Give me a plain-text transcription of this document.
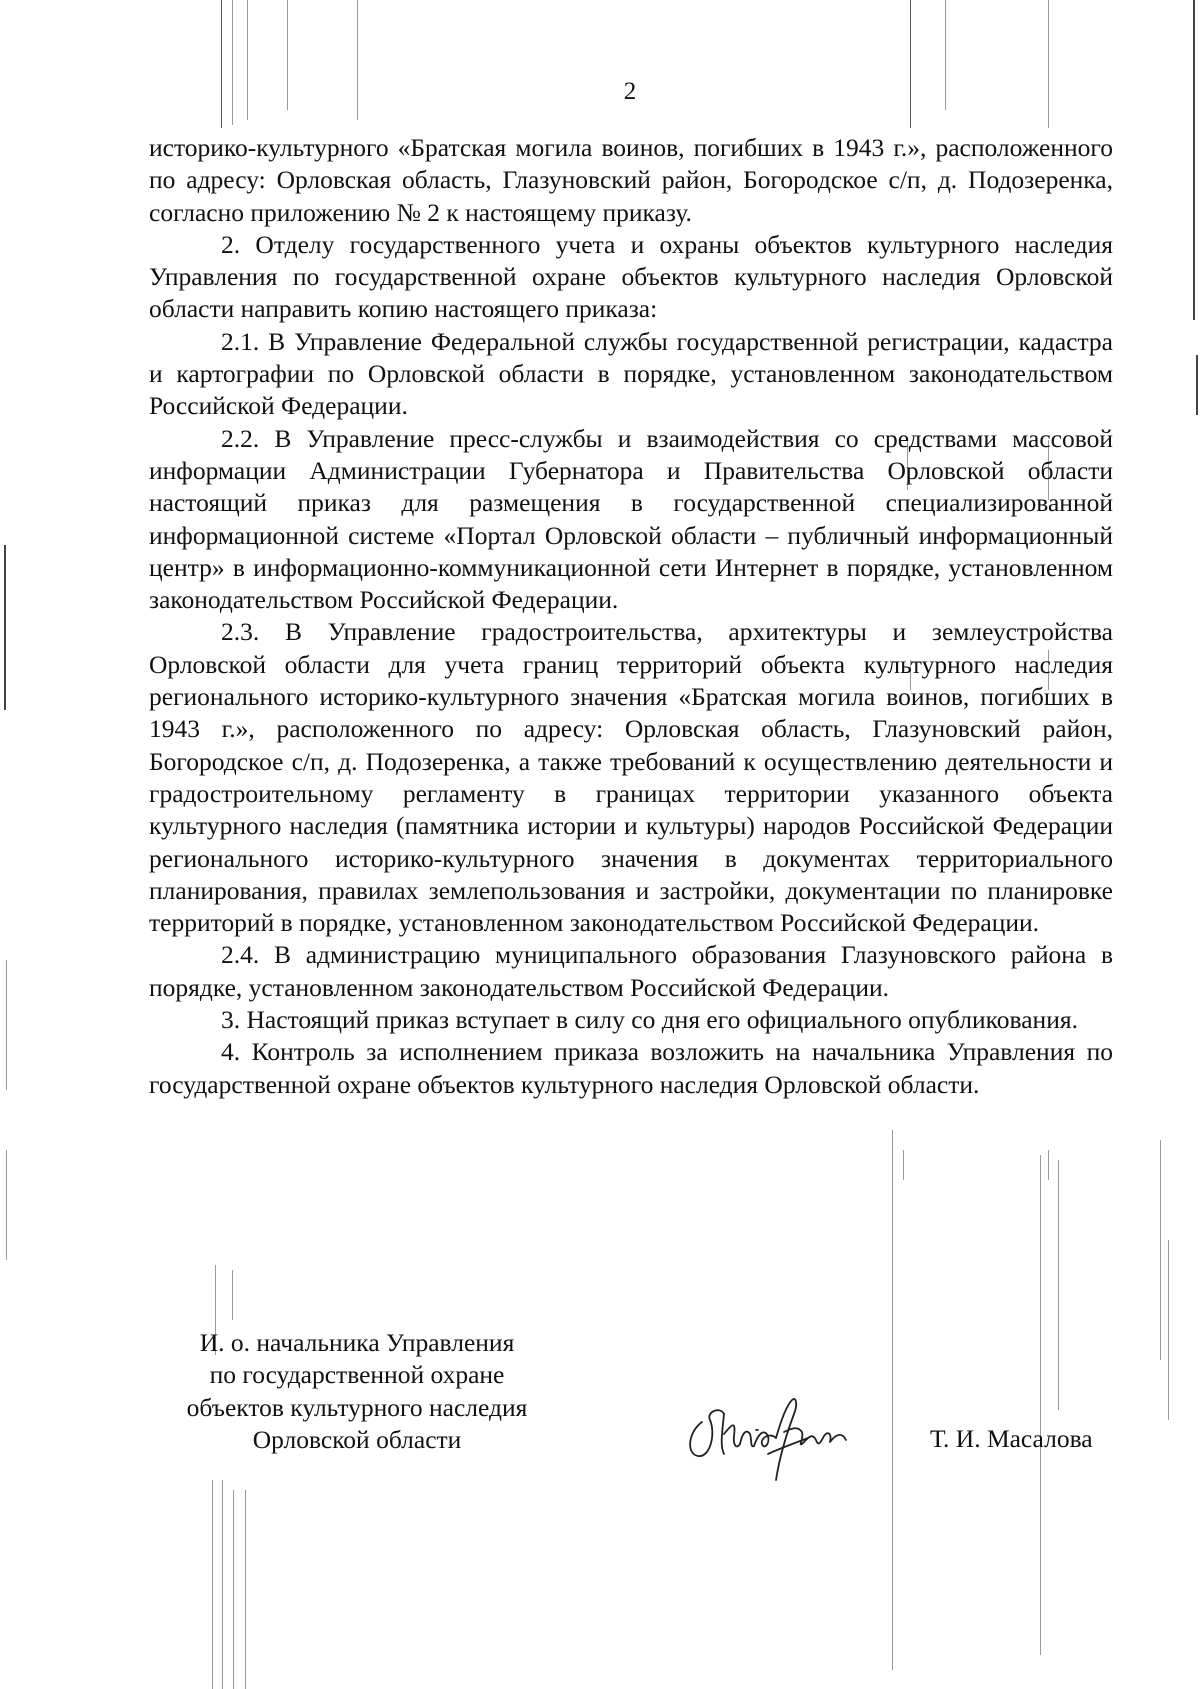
2

историко-культурного «Братская могила воинов, погибших в 1943 г.», расположенного по адресу: Орловская область, Глазуновский район, Богородское с/п, д. Подозеренка, согласно приложению № 2 к настоящему приказу.

2. Отделу государственного учета и охраны объектов культурного наследия Управления по государственной охране объектов культурного наследия Орловской области направить копию настоящего приказа:

2.1. В Управление Федеральной службы государственной регистрации, кадастра и картографии по Орловской области в порядке, установленном законодательством Российской Федерации.

2.2. В Управление пресс-службы и взаимодействия со средствами массовой информации Администрации Губернатора и Правительства Орловской области настоящий приказ для размещения в государственной специализированной информационной системе «Портал Орловской области – публичный информационный центр» в информационно-коммуникационной сети Интернет в порядке, установленном законодательством Российской Федерации.

2.3. В Управление градостроительства, архитектуры и землеустройства Орловской области для учета границ территорий объекта культурного наследия регионального историко-культурного значения «Братская могила воинов, погибших в 1943 г.», расположенного по адресу: Орловская область, Глазуновский район, Богородское с/п, д. Подозеренка, а также требований к осуществлению деятельности и градостроительному регламенту в границах территории указанного объекта культурного наследия (памятника истории и культуры) народов Российской Федерации регионального историко-культурного значения в документах территориального планирования, правилах землепользования и застройки, документации по планировке территорий в порядке, установленном законодательством Российской Федерации.

2.4. В администрацию муниципального образования Глазуновского района в порядке, установленном законодательством Российской Федерации.

3. Настоящий приказ вступает в силу со дня его официального опубликования.

4. Контроль за исполнением приказа возложить на начальника Управления по государственной охране объектов культурного наследия Орловской области.

И. о. начальника Управления
по государственной охране
объектов культурного наследия
Орловской области	Т. И. Масалова
